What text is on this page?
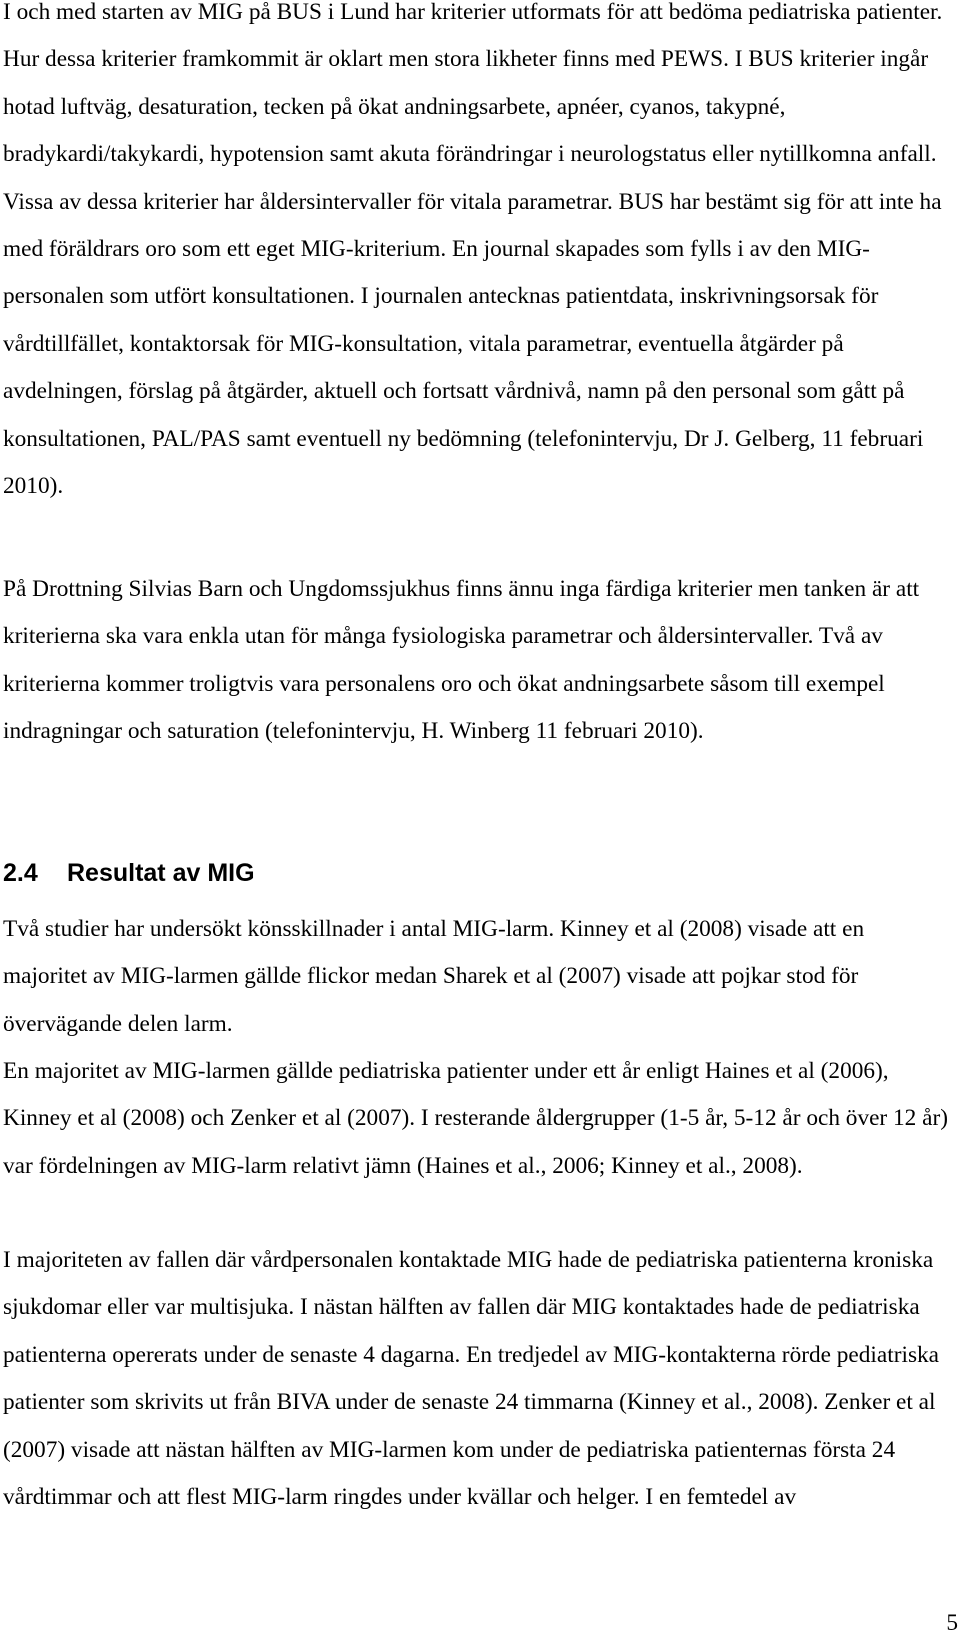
I och med starten av MIG på BUS i Lund har kriterier utformats för att bedöma pediatriska patienter. Hur dessa kriterier framkommit är oklart men stora likheter finns med PEWS. I BUS kriterier ingår hotad luftväg, desaturation, tecken på ökat andningsarbete, apnéer, cyanos, takypné, bradykardi/takykardi, hypotension samt akuta förändringar i neurologstatus eller nytillkomna anfall. Vissa av dessa kriterier har åldersintervaller för vitala parametrar. BUS har bestämt sig för att inte ha med föräldrars oro som ett eget MIG-kriterium. En journal skapades som fylls i av den MIG-personalen som utfört konsultationen. I journalen antecknas patientdata, inskrivningsorsak för vårdtillfället, kontaktorsak för MIG-konsultation, vitala parametrar, eventuella åtgärder på avdelningen, förslag på åtgärder, aktuell och fortsatt vårdnivå, namn på den personal som gått på konsultationen, PAL/PAS samt eventuell ny bedömning (telefonintervju, Dr J. Gelberg, 11 februari 2010).

På Drottning Silvias Barn och Ungdomssjukhus finns ännu inga färdiga kriterier men tanken är att kriterierna ska vara enkla utan för många fysiologiska parametrar och åldersintervaller. Två av kriterierna kommer troligtvis vara personalens oro och ökat andningsarbete såsom till exempel indragningar och saturation (telefonintervju, H. Winberg 11 februari 2010).

2.4 Resultat av MIG

Två studier har undersökt könsskillnader i antal MIG-larm. Kinney et al (2008) visade att en majoritet av MIG-larmen gällde flickor medan Sharek et al (2007) visade att pojkar stod för övervägande delen larm.

En majoritet av MIG-larmen gällde pediatriska patienter under ett år enligt Haines et al (2006), Kinney et al (2008) och Zenker et al (2007). I resterande åldergrupper (1-5 år, 5-12 år och över 12 år) var fördelningen av MIG-larm relativt jämn (Haines et al., 2006; Kinney et al., 2008).

I majoriteten av fallen där vårdpersonalen kontaktade MIG hade de pediatriska patienterna kroniska sjukdomar eller var multisjuka. I nästan hälften av fallen där MIG kontaktades hade de pediatriska patienterna opererats under de senaste 4 dagarna. En tredjedel av MIG-kontakterna rörde pediatriska patienter som skrivits ut från BIVA under de senaste 24 timmarna (Kinney et al., 2008). Zenker et al (2007) visade att nästan hälften av MIG-larmen kom under de pediatriska patienternas första 24 vårdtimmar och att flest MIG-larm ringdes under kvällar och helger. I en femtedel av

5
